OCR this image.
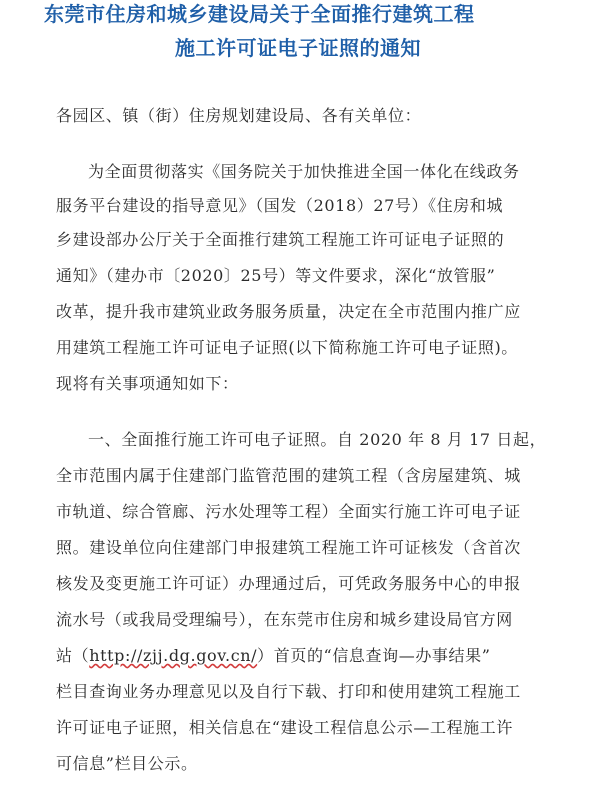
东莞市住房和城乡建设局关于全面推行建筑工程
施工许可证电子证照的通知
各园区、镇（街）住房规划建设局、各有关单位：
为全面贯彻落实《国务院关于加快推进全国一体化在线政务
服务平台建设的指导意见》（国发（2018）27号）《住房和城
乡建设部办公厅关于全面推行建筑工程施工许可证电子证照的
通知》（建办市〔2020〕25号）等文件要求，深化“放管服”
改革，提升我市建筑业政务服务质量，决定在全市范围内推广应
用建筑工程施工许可证电子证照(以下简称施工许可电子证照)。
现将有关事项通知如下：
一、全面推行施工许可电子证照。自 2020 年 8 月 17 日起，
全市范围内属于住建部门监管范围的建筑工程（含房屋建筑、城
市轨道、综合管廊、污水处理等工程）全面实行施工许可电子证
照。建设单位向住建部门申报建筑工程施工许可证核发（含首次
核发及变更施工许可证）办理通过后，可凭政务服务中心的申报
流水号（或我局受理编号），在东莞市住房和城乡建设局官方网
站（http://zjj.dg.gov.cn/）首页的“信息查询—办事结果”
栏目查询业务办理意见以及自行下载、打印和使用建筑工程施工
许可证电子证照，相关信息在“建设工程信息公示—工程施工许
可信息”栏目公示。
